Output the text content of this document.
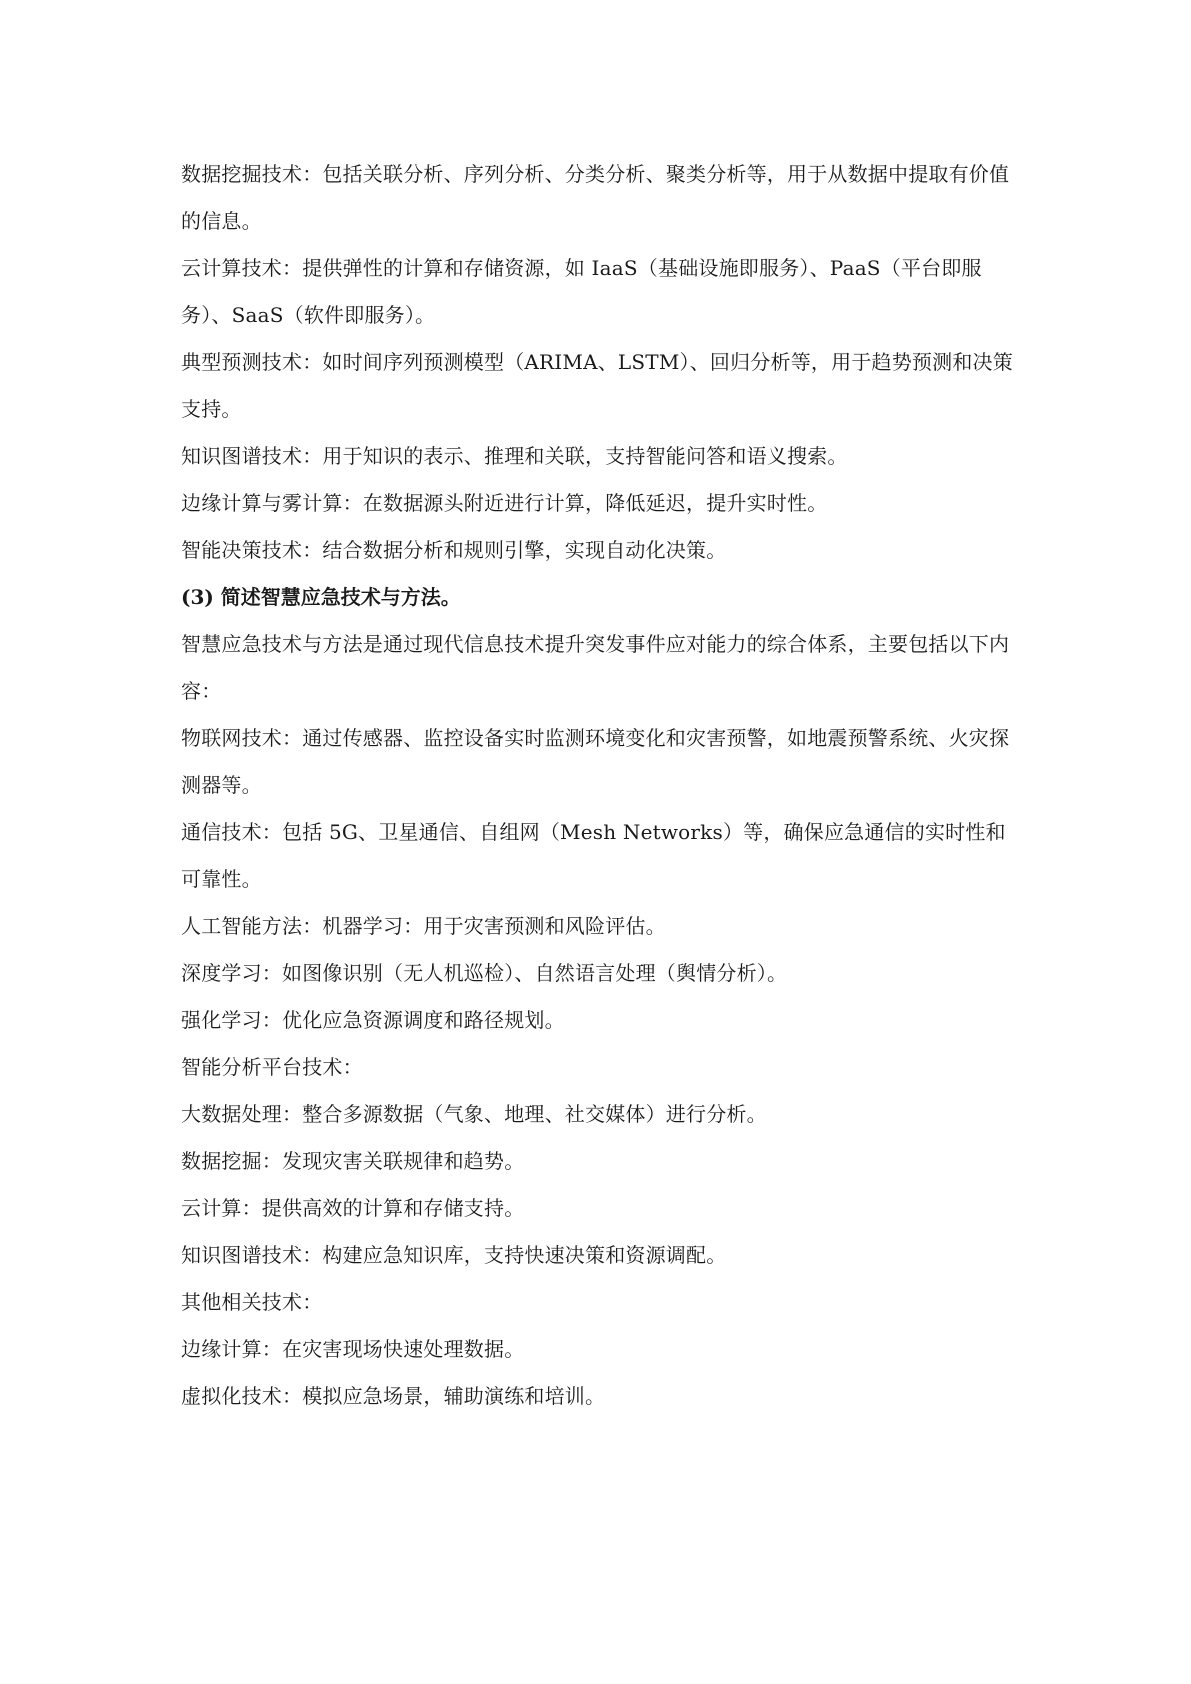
数据挖掘技术：包括关联分析、序列分析、分类分析、聚类分析等，用于从数据中提取有价值的信息。

云计算技术：提供弹性的计算和存储资源，如 IaaS（基础设施即服务）、PaaS（平台即服务）、SaaS（软件即服务）。

典型预测技术：如时间序列预测模型（ARIMA、LSTM）、回归分析等，用于趋势预测和决策支持。

知识图谱技术：用于知识的表示、推理和关联，支持智能问答和语义搜索。

边缘计算与雾计算：在数据源头附近进行计算，降低延迟，提升实时性。

智能决策技术：结合数据分析和规则引擎，实现自动化决策。

(3) 简述智慧应急技术与方法。

智慧应急技术与方法是通过现代信息技术提升突发事件应对能力的综合体系，主要包括以下内容：

物联网技术：通过传感器、监控设备实时监测环境变化和灾害预警，如地震预警系统、火灾探测器等。

通信技术：包括 5G、卫星通信、自组网（Mesh Networks）等，确保应急通信的实时性和可靠性。

人工智能方法：机器学习：用于灾害预测和风险评估。

深度学习：如图像识别（无人机巡检）、自然语言处理（舆情分析）。

强化学习：优化应急资源调度和路径规划。

智能分析平台技术：

大数据处理：整合多源数据（气象、地理、社交媒体）进行分析。

数据挖掘：发现灾害关联规律和趋势。

云计算：提供高效的计算和存储支持。

知识图谱技术：构建应急知识库，支持快速决策和资源调配。

其他相关技术：

边缘计算：在灾害现场快速处理数据。

虚拟化技术：模拟应急场景，辅助演练和培训。
